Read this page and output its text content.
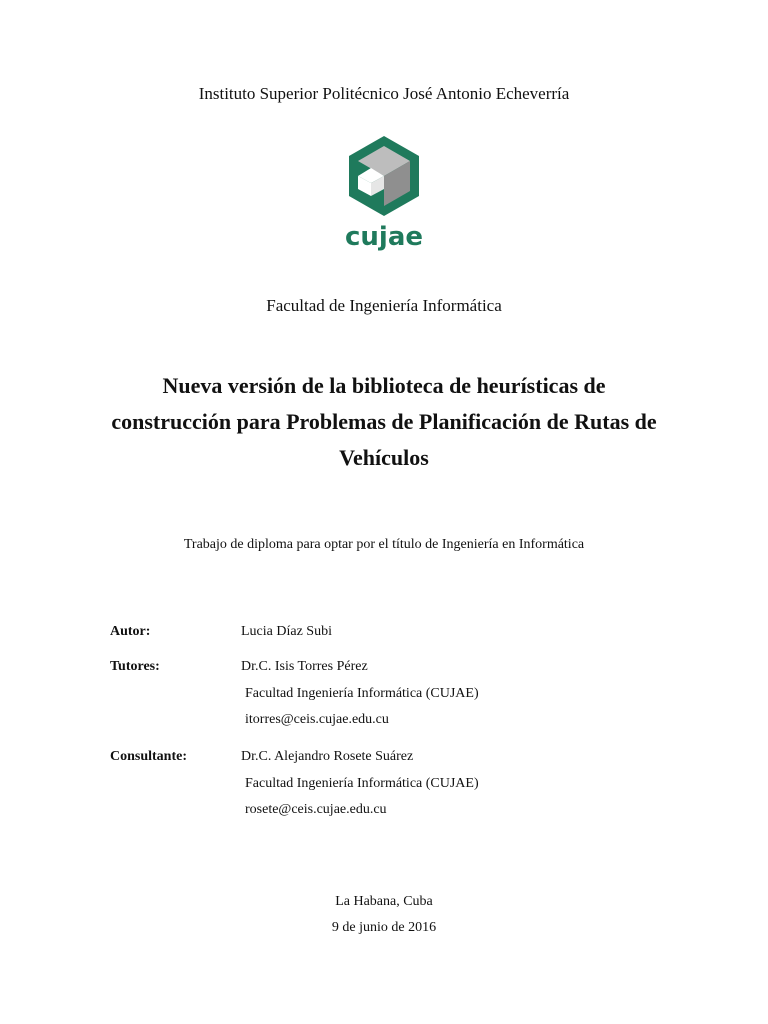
Instituto Superior Politécnico José Antonio Echeverría
cujae
Facultad de Ingeniería Informática
Nueva versión de la biblioteca de heurísticas de
construcción para Problemas de Planificación de Rutas de
Vehículos
Trabajo de diploma para optar por el título de Ingeniería en Informática
Autor:	Lucia Díaz Subi
Tutores:	Dr.C. Isis Torres Pérez
Facultad Ingeniería Informática (CUJAE)
itorres@ceis.cujae.edu.cu
Consultante:	Dr.C. Alejandro Rosete Suárez
Facultad Ingeniería Informática (CUJAE)
rosete@ceis.cujae.edu.cu
La Habana, Cuba
9 de junio de 2016
